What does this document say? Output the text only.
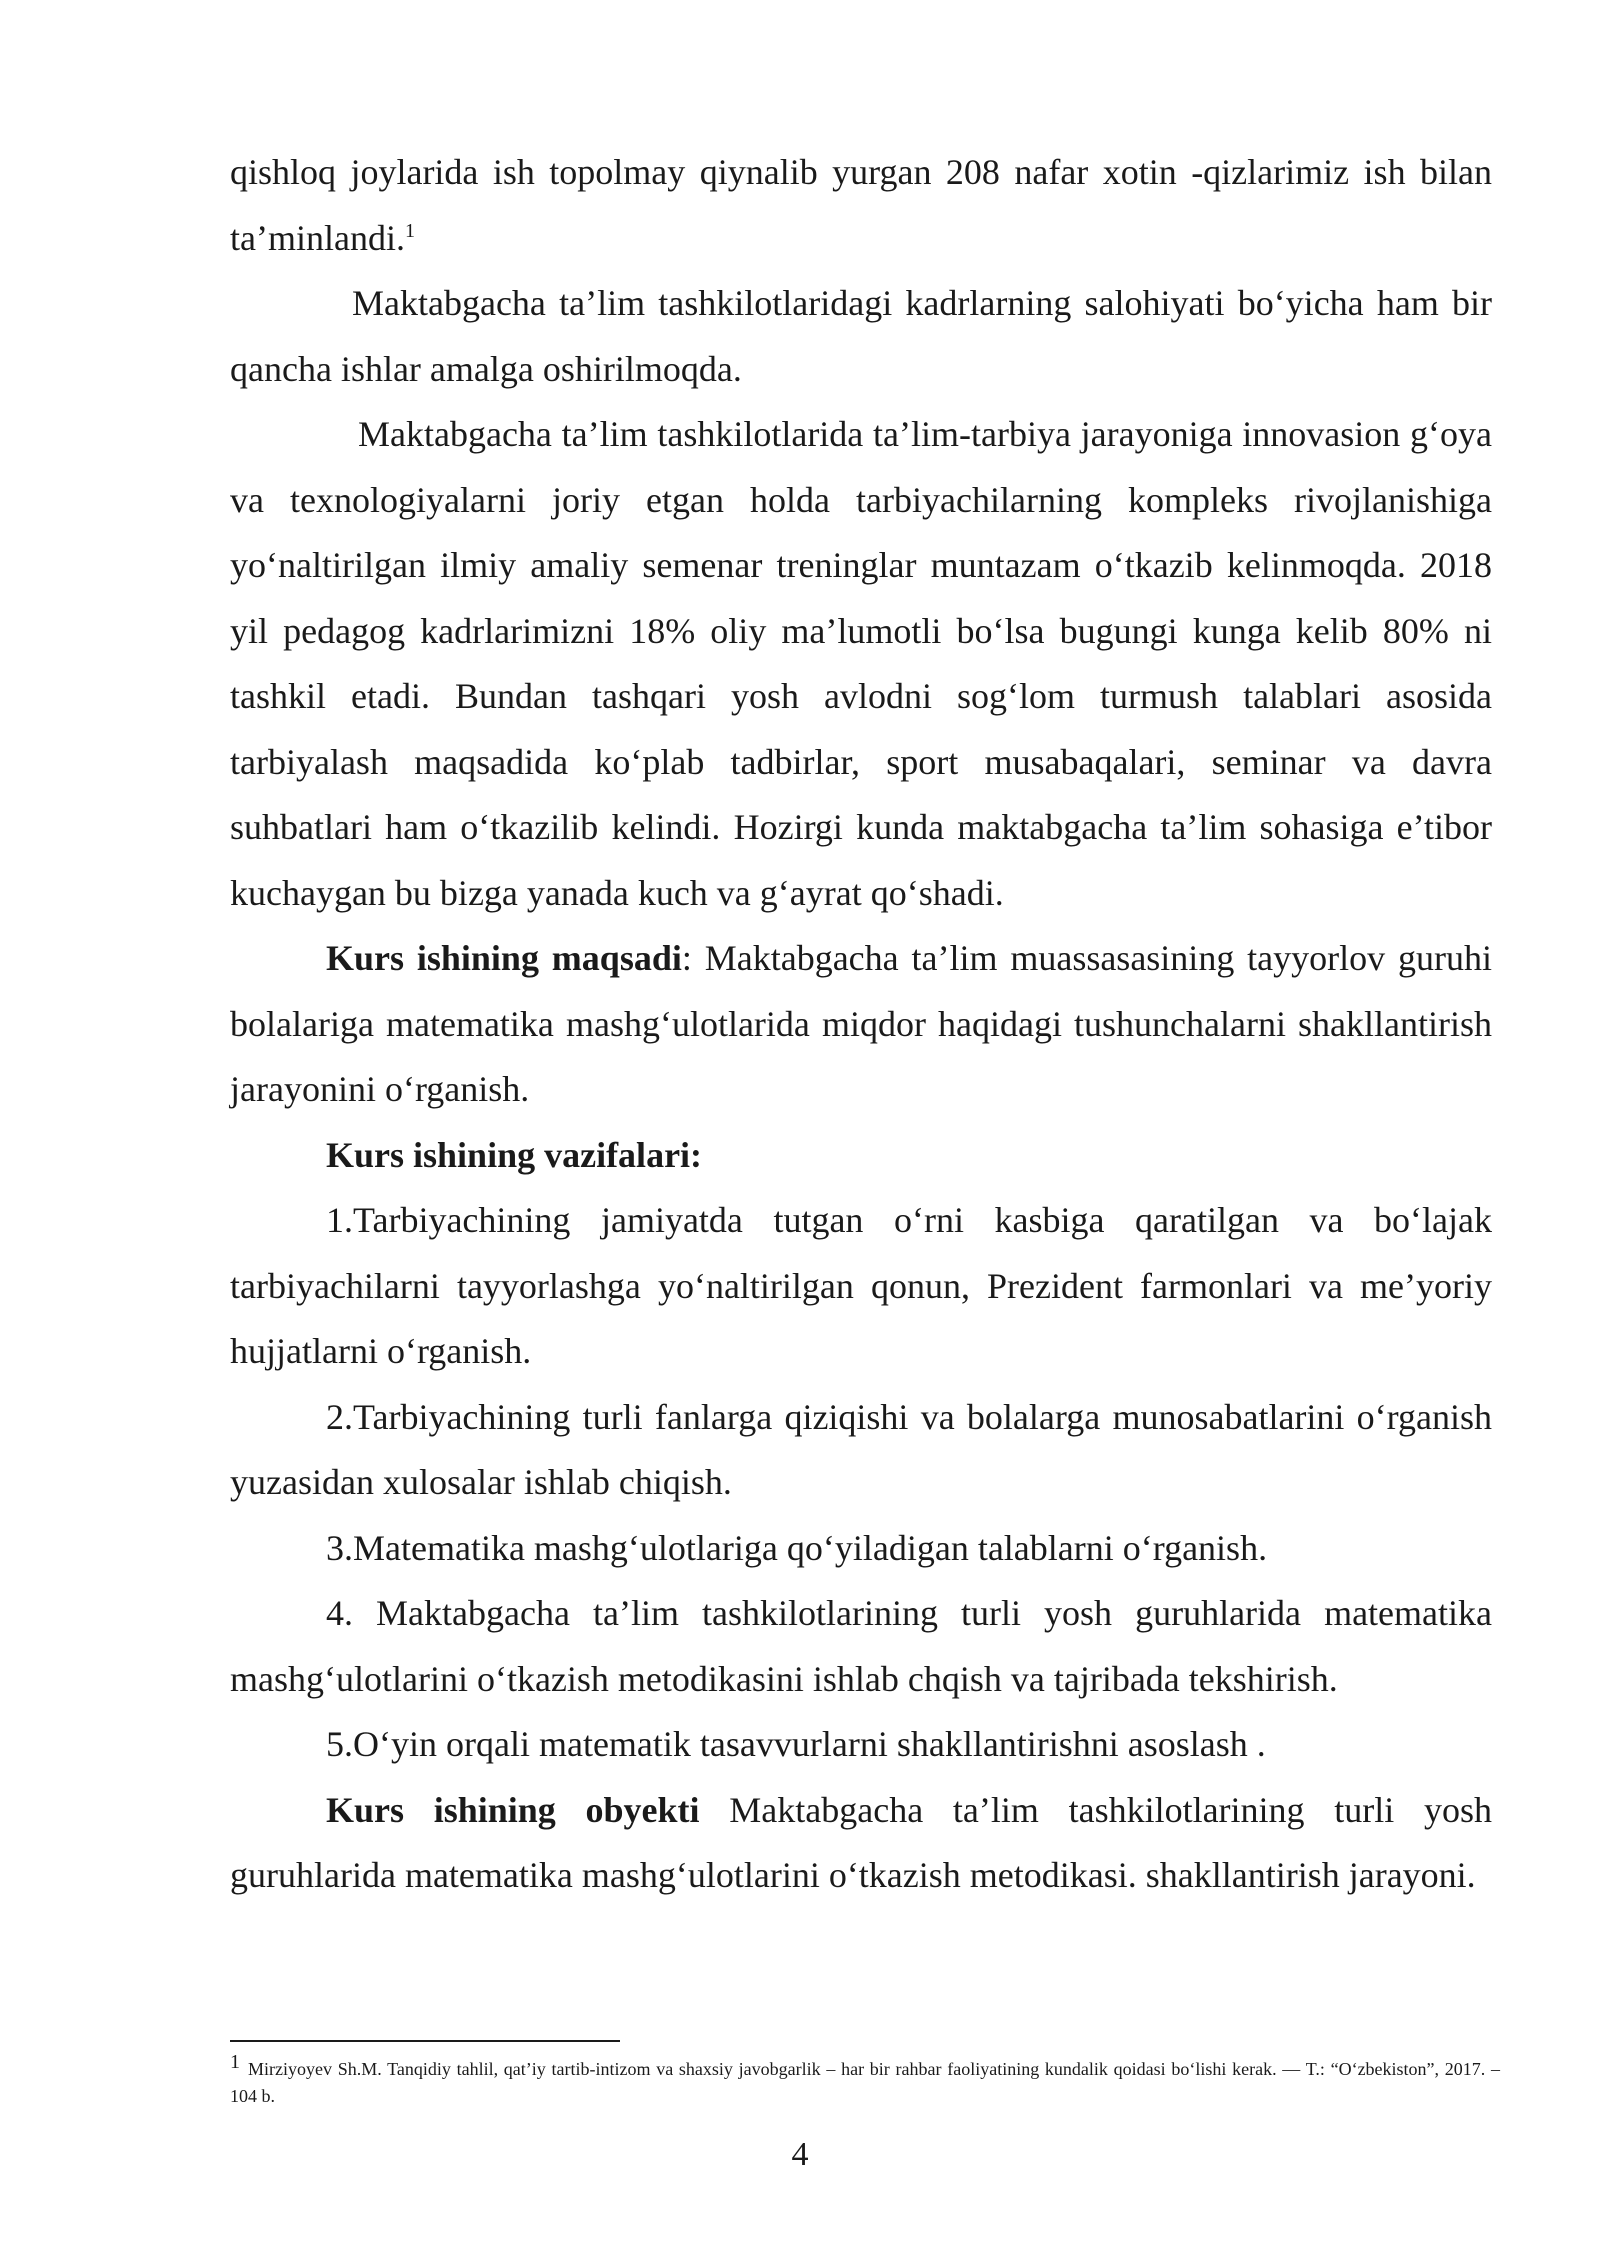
qishloq joylarida ish topolmay qiynalib yurgan 208 nafar xotin -qizlarimiz ish bilan ta’minlandi.$^1$

Maktabgacha ta’lim tashkilotlaridagi kadrlarning salohiyati bo‘yicha ham bir qancha ishlar amalga oshirilmoqda.

Maktabgacha ta’lim tashkilotlarida ta’lim-tarbiya jarayoniga innovasion g‘oya va texnologiyalarni joriy etgan holda tarbiyachilarning kompleks rivojlanishiga yo‘naltirilgan ilmiy amaliy semenar treninglar muntazam o‘tkazib kelinmoqda. 2018 yil pedagog kadrlarimizni 18% oliy ma’lumotli bo‘lsa bugungi kunga kelib 80% ni tashkil etadi. Bundan tashqari yosh avlodni sog‘lom turmush talablari asosida tarbiyalash maqsadida ko‘plab tadbirlar, sport musabaqalari, seminar va davra suhbatlari ham o‘tkazilib kelindi. Hozirgi kunda maktabgacha ta’lim sohasiga e’tibor kuchaygan bu bizga yanada kuch va g‘ayrat qo‘shadi.

Kurs ishining maqsadi: Maktabgacha ta’lim muassasasining tayyorlov guruhi bolalariga matematika mashg‘ulotlarida miqdor haqidagi tushunchalarni shakllantirish jarayonini o‘rganish.

Kurs ishining vazifalari:

1.Tarbiyachining jamiyatda tutgan o‘rni kasbiga qaratilgan va bo‘lajak tarbiyachilarni tayyorlashga yo‘naltirilgan qonun, Prezident farmonlari va me’yoriy hujjatlarni o‘rganish.

2.Tarbiyachining turli fanlarga qiziqishi va bolalarga munosabatlarini o‘rganish yuzasidan xulosalar ishlab chiqish.

3.Matematika mashg‘ulotlariga qo‘yiladigan talablarni o‘rganish.

4. Maktabgacha ta’lim tashkilotlarining turli yosh guruhlarida matematika mashg‘ulotlarini o‘tkazish metodikasini ishlab chqish va tajribada tekshirish.

5.O‘yin orqali matematik tasavvurlarni shakllantirishni asoslash .

Kurs ishining obyekti Maktabgacha ta’lim tashkilotlarining turli yosh guruhlarida matematika mashg‘ulotlarini o‘tkazish metodikasi. shakllantirish jarayoni.

1 Mirziyoyev Sh.M. Tanqidiy tahlil, qat’iy tartib-intizom va shaxsiy javobgarlik – har bir rahbar faoliyatining kundalik qoidasi bo‘lishi kerak. — T.: “O‘zbekiston”, 2017. – 104 b.
4
